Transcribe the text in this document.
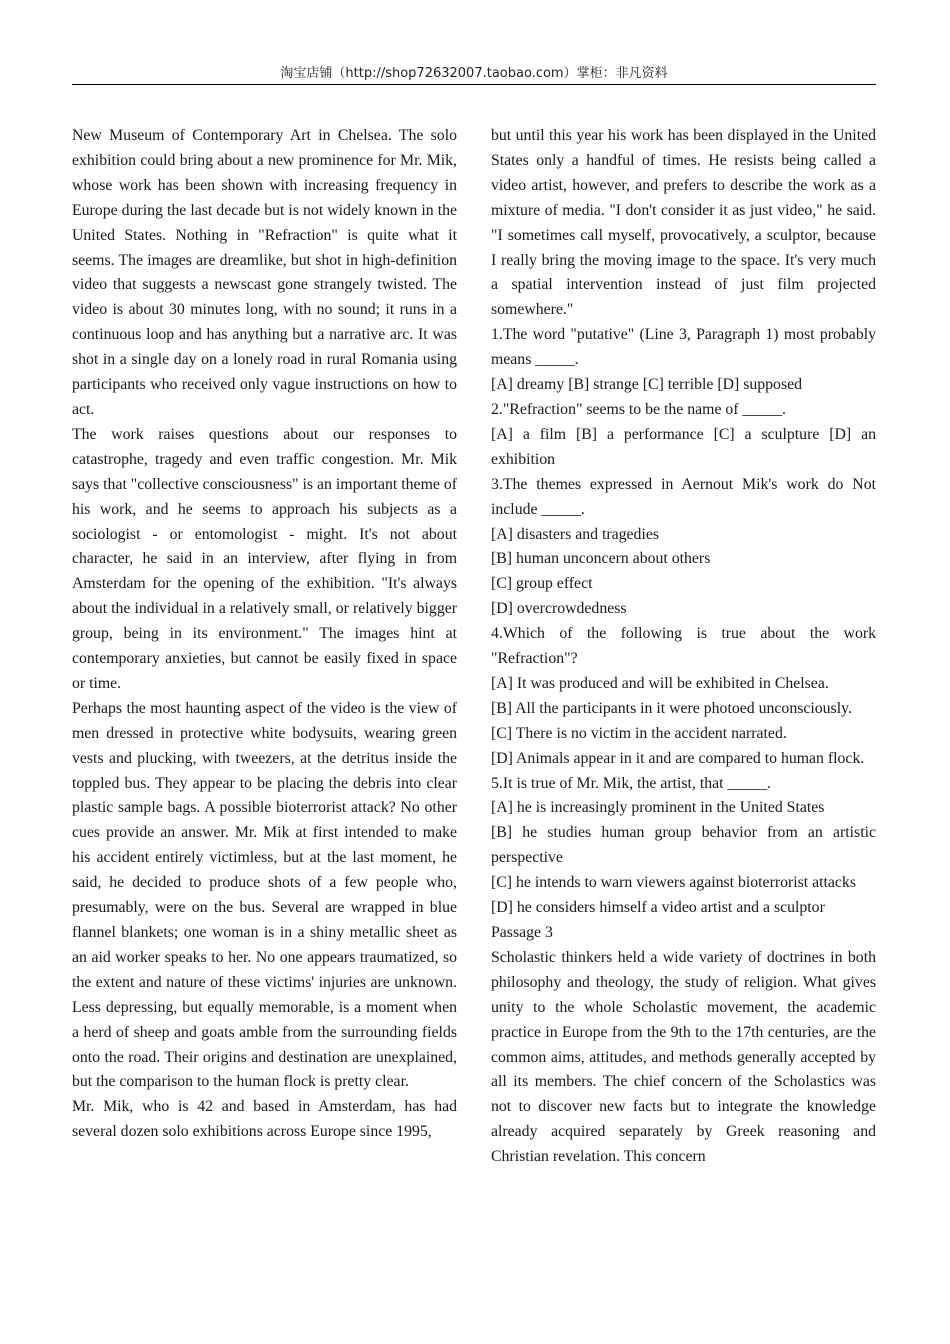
淘宝店铺（http://shop72632007.taobao.com）掌柜：非凡资料

New Museum of Contemporary Art in Chelsea. The solo exhibition could bring about a new prominence for Mr. Mik, whose work has been shown with increasing frequency in Europe during the last decade but is not widely known in the United States. Nothing in "Refraction" is quite what it seems. The images are dreamlike, but shot in high-definition video that suggests a newscast gone strangely twisted. The video is about 30 minutes long, with no sound; it runs in a continuous loop and has anything but a narrative arc. It was shot in a single day on a lonely road in rural Romania using participants who received only vague instructions on how to act.

The work raises questions about our responses to catastrophe, tragedy and even traffic congestion. Mr. Mik says that "collective consciousness" is an important theme of his work, and he seems to approach his subjects as a sociologist - or entomologist - might. It's not about character, he said in an interview, after flying in from Amsterdam for the opening of the exhibition. "It's always about the individual in a relatively small, or relatively bigger group, being in its environment." The images hint at contemporary anxieties, but cannot be easily fixed in space or time.

Perhaps the most haunting aspect of the video is the view of men dressed in protective white bodysuits, wearing green vests and plucking, with tweezers, at the detritus inside the toppled bus. They appear to be placing the debris into clear plastic sample bags. A possible bioterrorist attack? No other cues provide an answer. Mr. Mik at first intended to make his accident entirely victimless, but at the last moment, he said, he decided to produce shots of a few people who, presumably, were on the bus. Several are wrapped in blue flannel blankets; one woman is in a shiny metallic sheet as an aid worker speaks to her. No one appears traumatized, so the extent and nature of these victims' injuries are unknown. Less depressing, but equally memorable, is a moment when a herd of sheep and goats amble from the surrounding fields onto the road. Their origins and destination are unexplained, but the comparison to the human flock is pretty clear.

Mr. Mik, who is 42 and based in Amsterdam, has had several dozen solo exhibitions across Europe since 1995,

but until this year his work has been displayed in the United States only a handful of times. He resists being called a video artist, however, and prefers to describe the work as a mixture of media. "I don't consider it as just video," he said. "I sometimes call myself, provocatively, a sculptor, because I really bring the moving image to the space. It's very much a spatial intervention instead of just film projected somewhere."

1.The word "putative" (Line 3, Paragraph 1) most probably means _____.

[A] dreamy [B] strange [C] terrible [D] supposed

2."Refraction" seems to be the name of _____.

[A] a film [B] a performance [C] a sculpture [D] an exhibition

3.The themes expressed in Aernout Mik's work do Not include _____.

[A] disasters and tragedies

[B] human unconcern about others

[C] group effect

[D] overcrowdedness

4.Which of the following is true about the work "Refraction"?

[A] It was produced and will be exhibited in Chelsea.

[B] All the participants in it were photoed unconsciously.

[C] There is no victim in the accident narrated.

[D] Animals appear in it and are compared to human flock.

5.It is true of Mr. Mik, the artist, that _____.

[A] he is increasingly prominent in the United States

[B] he studies human group behavior from an artistic perspective

[C] he intends to warn viewers against bioterrorist attacks

[D] he considers himself a video artist and a sculptor

Passage 3

Scholastic thinkers held a wide variety of doctrines in both philosophy and theology, the study of religion. What gives unity to the whole Scholastic movement, the academic practice in Europe from the 9th to the 17th centuries, are the common aims, attitudes, and methods generally accepted by all its members. The chief concern of the Scholastics was not to discover new facts but to integrate the knowledge already acquired separately by Greek reasoning and Christian revelation. This concern
